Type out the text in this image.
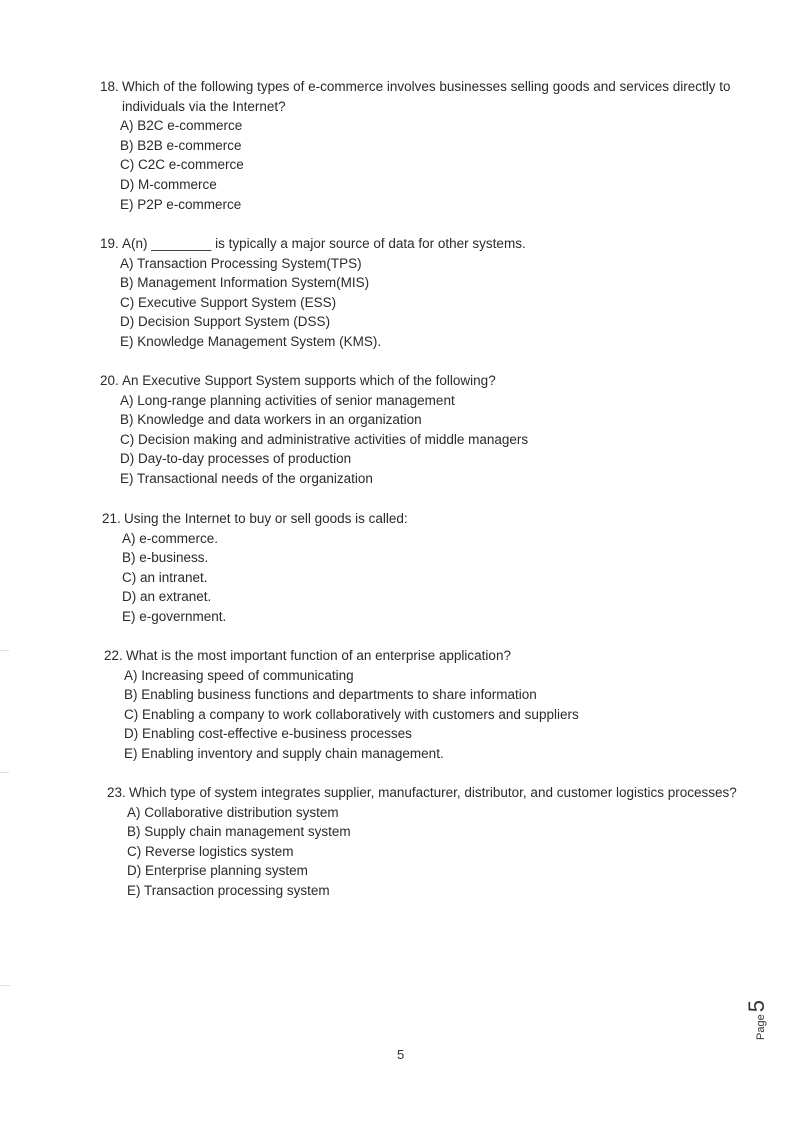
18. Which of the following types of e-commerce involves businesses selling goods and services directly to individuals via the Internet?
A) B2C e-commerce
B) B2B e-commerce
C) C2C e-commerce
D) M-commerce
E) P2P e-commerce
19. A(n) ________ is typically a major source of data for other systems.
A) Transaction Processing System(TPS)
B) Management Information System(MIS)
C) Executive Support System (ESS)
D) Decision Support System (DSS)
E) Knowledge Management System (KMS).
20. An Executive Support System supports which of the following?
A) Long-range planning activities of senior management
B) Knowledge and data workers in an organization
C) Decision making and administrative activities of middle managers
D) Day-to-day processes of production
E) Transactional needs of the organization
21. Using the Internet to buy or sell goods is called:
A) e-commerce.
B) e-business.
C) an intranet.
D) an extranet.
E) e-government.
22. What is the most important function of an enterprise application?
A) Increasing speed of communicating
B) Enabling business functions and departments to share information
C) Enabling a company to work collaboratively with customers and suppliers
D) Enabling cost-effective e-business processes
E) Enabling inventory and supply chain management.
23. Which type of system integrates supplier, manufacturer, distributor, and customer logistics processes?
A) Collaborative distribution system
B) Supply chain management system
C) Reverse logistics system
D) Enterprise planning system
E) Transaction processing system
5
Page
5
